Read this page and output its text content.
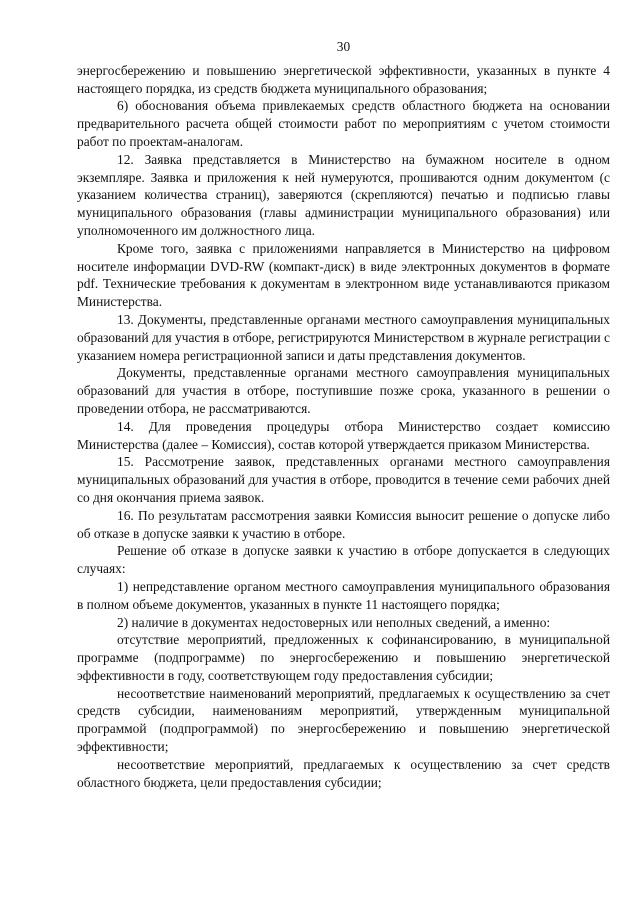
30

энергосбережению и повышению энергетической эффективности, указанных в пункте 4 настоящего порядка, из средств бюджета муниципального образования;

6) обоснования объема привлекаемых средств областного бюджета на основании предварительного расчета общей стоимости работ по мероприятиям с учетом стоимости работ по проектам-аналогам.

12. Заявка представляется в Министерство на бумажном носителе в одном экземпляре. Заявка и приложения к ней нумеруются, прошиваются одним документом (с указанием количества страниц), заверяются (скрепляются) печатью и подписью главы муниципального образования (главы администрации муниципального образования) или уполномоченного им должностного лица.

Кроме того, заявка с приложениями направляется в Министерство на цифровом носителе информации DVD-RW (компакт-диск) в виде электронных документов в формате pdf. Технические требования к документам в электронном виде устанавливаются приказом Министерства.

13. Документы, представленные органами местного самоуправления муниципальных образований для участия в отборе, регистрируются Министерством в журнале регистрации с указанием номера регистрационной записи и даты представления документов.

Документы, представленные органами местного самоуправления муниципальных образований для участия в отборе, поступившие позже срока, указанного в решении о проведении отбора, не рассматриваются.

14. Для проведения процедуры отбора Министерство создает комиссию Министерства (далее – Комиссия), состав которой утверждается приказом Министерства.

15. Рассмотрение заявок, представленных органами местного самоуправления муниципальных образований для участия в отборе, проводится в течение семи рабочих дней со дня окончания приема заявок.

16. По результатам рассмотрения заявки Комиссия выносит решение о допуске либо об отказе в допуске заявки к участию в отборе.

Решение об отказе в допуске заявки к участию в отборе допускается в следующих случаях:

1) непредставление органом местного самоуправления муниципального образования в полном объеме документов, указанных в пункте 11 настоящего порядка;

2) наличие в документах недостоверных или неполных сведений, а именно:

отсутствие мероприятий, предложенных к софинансированию, в муниципальной программе (подпрограмме) по энергосбережению и повышению энергетической эффективности в году, соответствующем году предоставления субсидии;

несоответствие наименований мероприятий, предлагаемых к осуществлению за счет средств субсидии, наименованиям мероприятий, утвержденным муниципальной программой (подпрограммой) по энергосбережению и повышению энергетической эффективности;

несоответствие мероприятий, предлагаемых к осуществлению за счет средств областного бюджета, цели предоставления субсидии;
